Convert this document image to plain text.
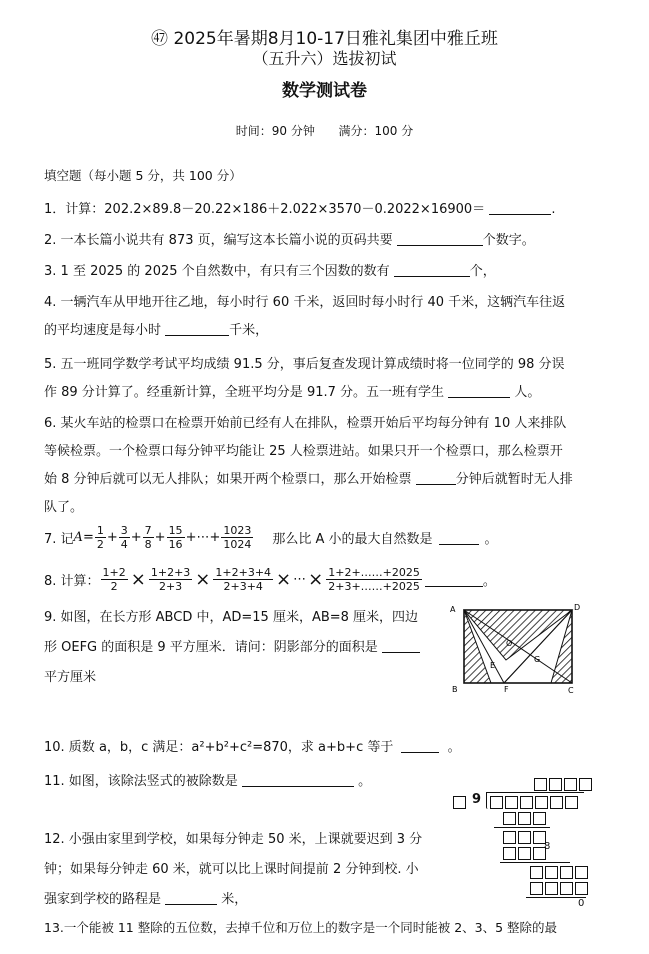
㊼ 2025年暑期8月10-17日雅礼集团中雅丘班
（五升六）选拔初试
数学测试卷
时间：90 分钟 满分：100 分
填空题（每小题 5 分，共 100 分）
1．计算：202.2×89.8－20.22×186＋2.022×3570－0.2022×16900＝	.
2. 一本长篇小说共有 873 页，编写这本长篇小说的页码共要	个数字。
3. 1 至 2025 的 2025 个自然数中，有只有三个因数的数有	个，
4. 一辆汽车从甲地开往乙地，每小时行 60 千米，返回时每小时行 40 千米，这辆汽车往返
的平均速度是每小时	千米，
5. 五一班同学数学考试平均成绩 91.5 分，事后复查发现计算成绩时将一位同学的 98 分误
作 89 分计算了。经重新计算，全班平均分是 91.7 分。五一班有学生	人。
6. 某火车站的检票口在检票开始前已经有人在排队，检票开始后平均每分钟有 10 人来排队
等候检票。一个检票口每分钟平均能让 25 人检票进站。如果只开一个检票口，那么检票开
始 8 分钟后就可以无人排队；如果开两个检票口，那么开始检票	分钟后就暂时无人排
队了。
7. 记 $A = \frac{1}{2} + \frac{3}{4} + \frac{7}{8} + \frac{15}{16}$ +⋯+ $\frac{1023}{1024}$ 那么比 A 小的最大自然数是	。
8. 计算： $\frac{1+2}{2} \times \frac{1+2+3}{2+3} \times \frac{1+2+3+4}{2+3+4}$ × ⋯ × $\frac{1+2+\dots\dots+2025}{2+3+\dots\dots+2025}$	。
9. 如图，在长方形 ABCD 中，AD=15 厘米，AB=8 厘米，四边
形 OEFG 的面积是 9 平方厘米．请问：阴影部分的面积是
平方厘米
A	D
B	C
E
F
G
O
10. 质数 a，b，c 满足：a²+b²+c²=870，求 a+b+c 等于	。
11. 如图，该除法竖式的被除数是	。
9
8
0
12. 小强由家里到学校，如果每分钟走 50 米，上课就要迟到 3 分
钟；如果每分钟走 60 米，就可以比上课时间提前 2 分钟到校. 小
强家到学校的路程是	米，
13.一个能被 11 整除的五位数，去掉千位和万位上的数字是一个同时能被 2、3、5 整除的最
